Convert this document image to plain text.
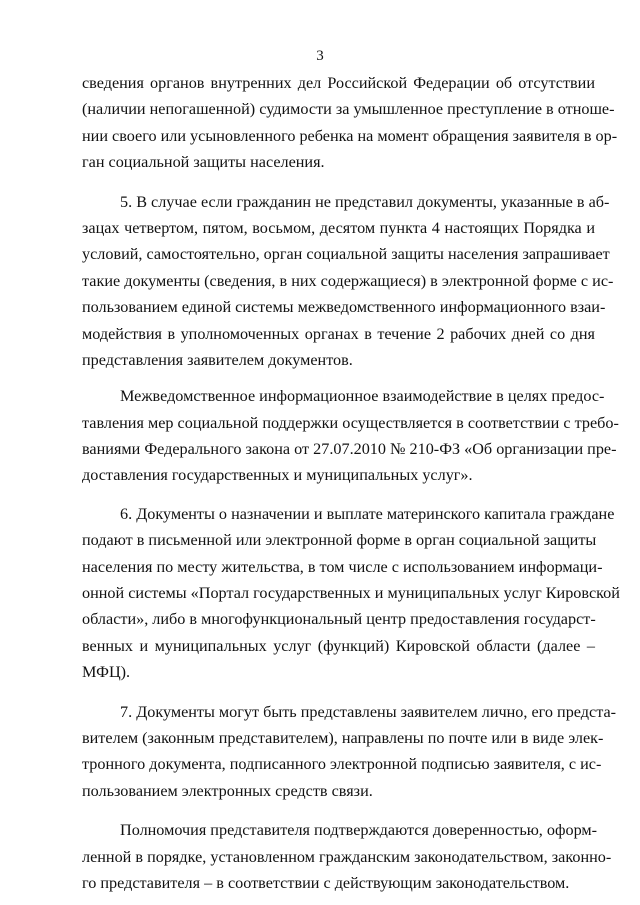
3
сведения органов внутренних дел Российской Федерации об отсутствии
(наличии непогашенной) судимости за умышленное преступление в отноше-
нии своего или усыновленного ребенка на момент обращения заявителя в ор-
ган социальной защиты населения.
5. В случае если гражданин не представил документы, указанные в аб-
зацах четвертом, пятом, восьмом, десятом пункта 4 настоящих Порядка и
условий, самостоятельно, орган социальной защиты населения запрашивает
такие документы (сведения, в них содержащиеся) в электронной форме с ис-
пользованием единой системы межведомственного информационного взаи-
модействия в уполномоченных органах в течение 2 рабочих дней со дня
представления заявителем документов.
Межведомственное информационное взаимодействие в целях предос-
тавления мер социальной поддержки осуществляется в соответствии с требо-
ваниями Федерального закона от 27.07.2010 № 210-ФЗ «Об организации пре-
доставления государственных и муниципальных услуг».
6. Документы о назначении и выплате материнского капитала граждане
подают в письменной или электронной форме в орган социальной защиты
населения по месту жительства, в том числе с использованием информаци-
онной системы «Портал государственных и муниципальных услуг Кировской
области», либо в многофункциональный центр предоставления государст-
венных и муниципальных услуг (функций) Кировской области (далее –
МФЦ).
7. Документы могут быть представлены заявителем лично, его предста-
вителем (законным представителем), направлены по почте или в виде элек-
тронного документа, подписанного электронной подписью заявителя, с ис-
пользованием электронных средств связи.
Полномочия представителя подтверждаются доверенностью, оформ-
ленной в порядке, установленном гражданским законодательством, законно-
го представителя – в соответствии с действующим законодательством.
